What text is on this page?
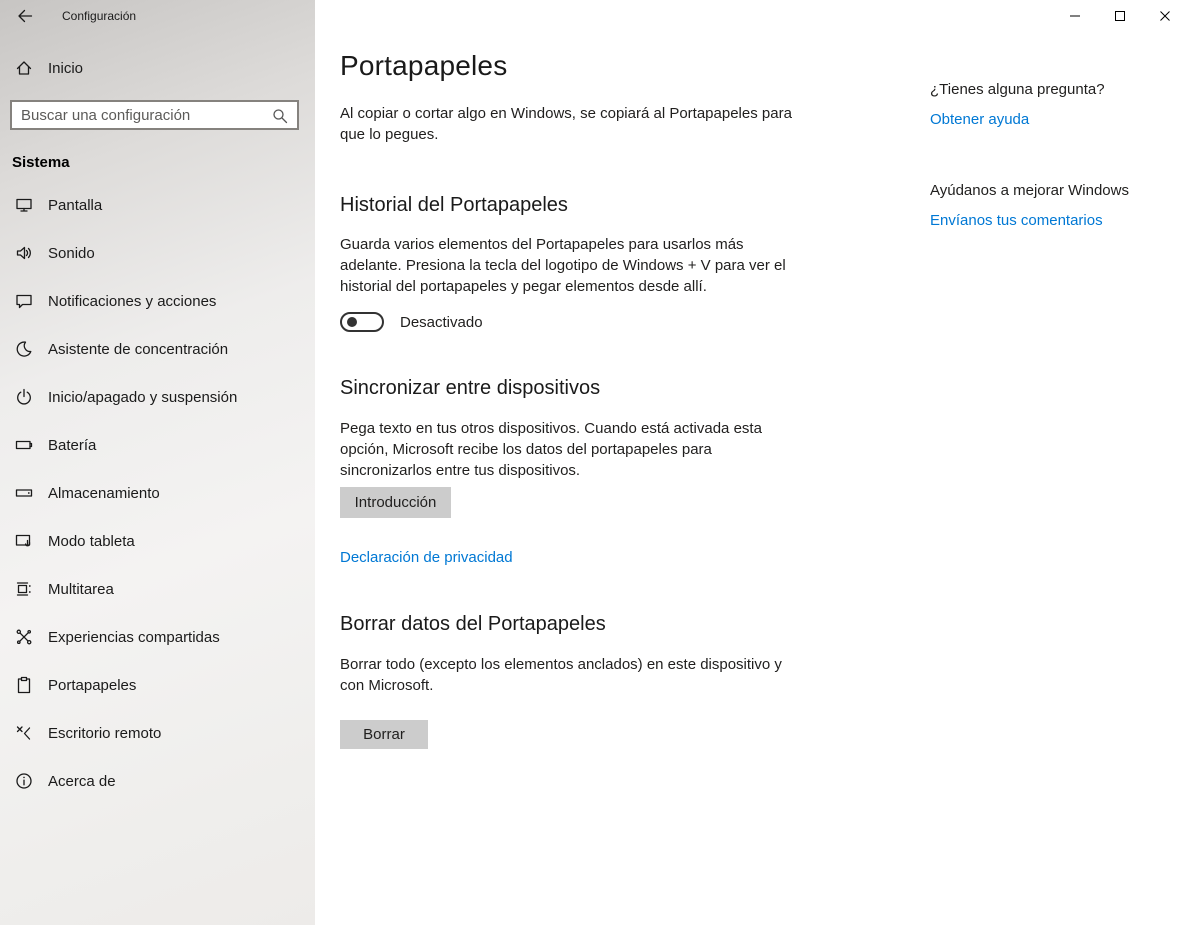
Configuración
Inicio
Buscar una configuración
Sistema
Pantalla
Sonido
Notificaciones y acciones
Asistente de concentración
Inicio/apagado y suspensión
Batería
Almacenamiento
Modo tableta
Multitarea
Experiencias compartidas
Portapapeles
Escritorio remoto
Acerca de
Portapapeles

Al copiar o cortar algo en Windows, se copiará al Portapapeles para que lo pegues.

Historial del Portapapeles

Guarda varios elementos del Portapapeles para usarlos más adelante. Presiona la tecla del logotipo de Windows + V para ver el historial del portapapeles y pegar elementos desde allí.

Desactivado
Sincronizar entre dispositivos

Pega texto en tus otros dispositivos. Cuando está activada esta opción, Microsoft recibe los datos del portapapeles para sincronizarlos entre tus dispositivos.

Introducción
Declaración de privacidad
Borrar datos del Portapapeles

Borrar todo (excepto los elementos anclados) en este dispositivo y con Microsoft.

Borrar
¿Tienes alguna pregunta?
Obtener ayuda
Ayúdanos a mejorar Windows
Envíanos tus comentarios
